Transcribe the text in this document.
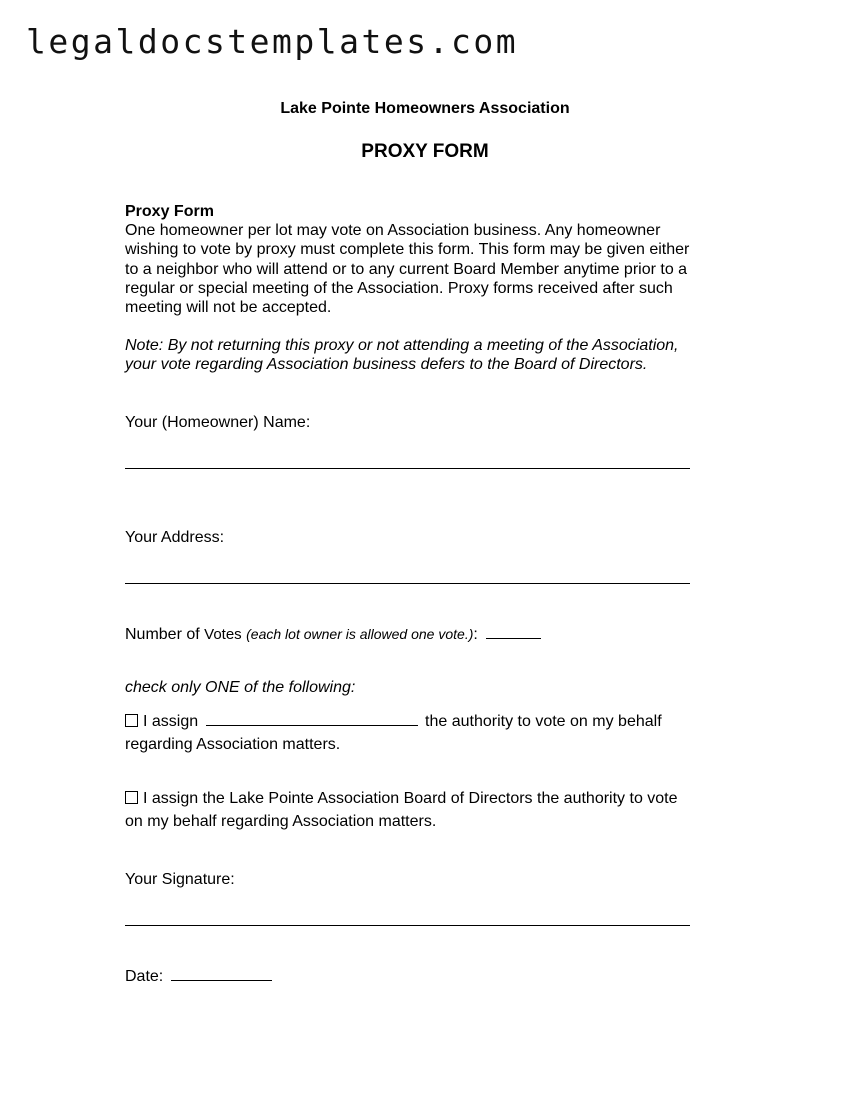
legaldocstemplates.com
Lake Pointe Homeowners Association
PROXY FORM
Proxy Form
One homeowner per lot may vote on Association business. Any homeowner
wishing to vote by proxy must complete this form. This form may be given either
to a neighbor who will attend or to any current Board Member anytime prior to a
regular or special meeting of the Association. Proxy forms received after such
meeting will not be accepted.
Note: By not returning this proxy or not attending a meeting of the Association,
your vote regarding Association business defers to the Board of Directors.
Your (Homeowner) Name:
Your Address:
Number of Votes (each lot owner is allowed one vote.):
check only ONE of the following:
I assign	the authority to vote on my behalf
regarding Association matters.
I assign the Lake Pointe Association Board of Directors the authority to vote
on my behalf regarding Association matters.
Your Signature:
Date:
